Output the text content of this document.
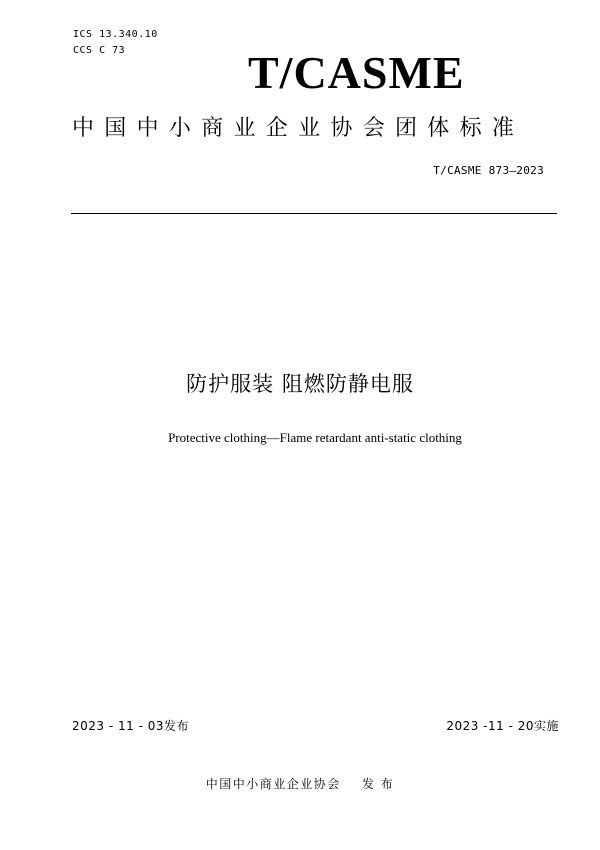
ICS 13.340.10
CCS C 73	T/CASME
中国中小商业企业协会团体标准
T/CASME 873—2023
防护服装 阻燃防静电服
Protective clothing—Flame retardant anti-static clothing
2023 - 11 - 03发布	2023 -11 - 20实施
中国中小商业企业协会    发 布
